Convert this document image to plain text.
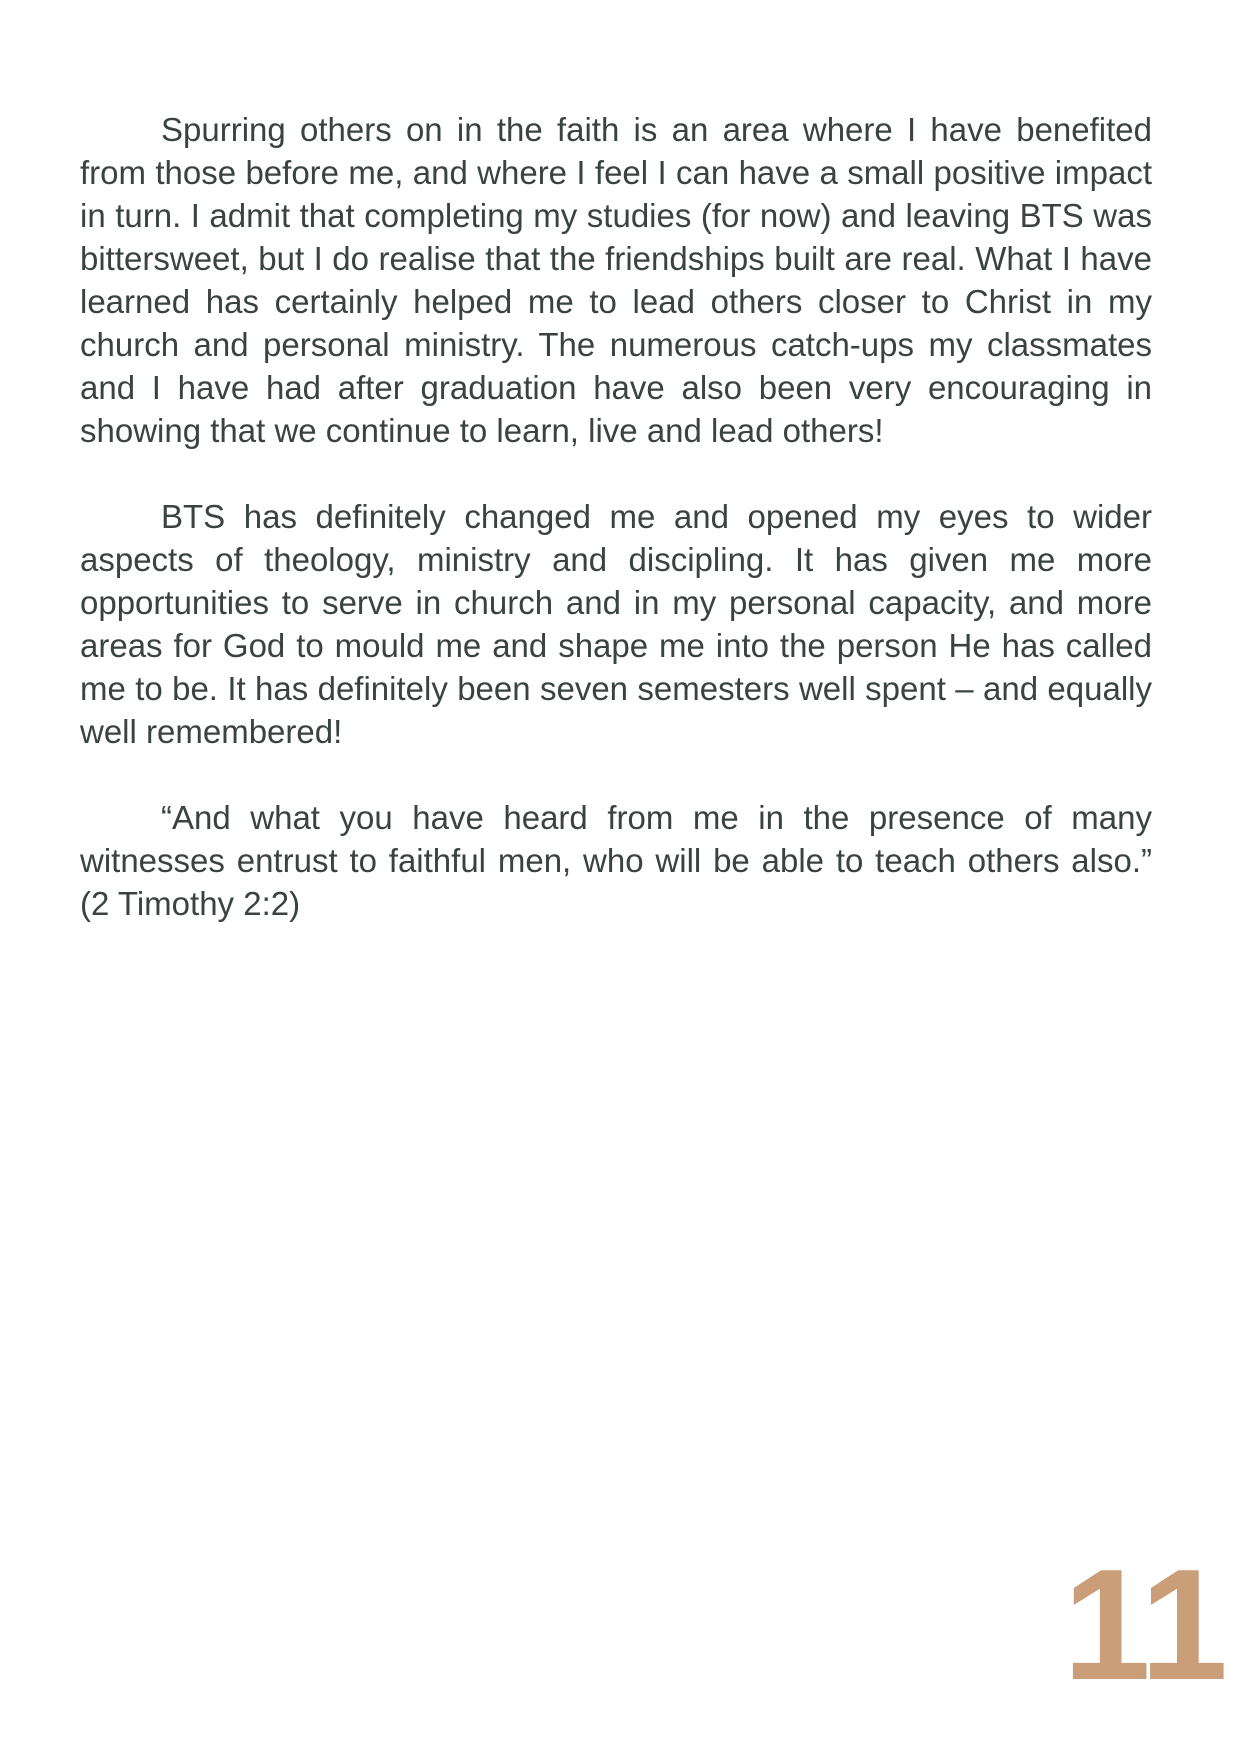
Spurring others on in the faith is an area where I have benefited from those before me, and where I feel I can have a small positive impact in turn. I admit that completing my studies (for now) and leaving BTS was bittersweet, but I do realise that the friendships built are real. What I have learned has certainly helped me to lead others closer to Christ in my church and personal ministry. The numerous catch-ups my classmates and I have had after graduation have also been very encouraging in showing that we continue to learn, live and lead others!

BTS has definitely changed me and opened my eyes to wider aspects of theology, ministry and discipling. It has given me more opportunities to serve in church and in my personal capacity, and more areas for God to mould me and shape me into the person He has called me to be. It has definitely been seven semesters well spent – and equally well remembered!

“And what you have heard from me in the presence of many witnesses entrust to faithful men, who will be able to teach others also.” (2 Timothy 2:2)

11
